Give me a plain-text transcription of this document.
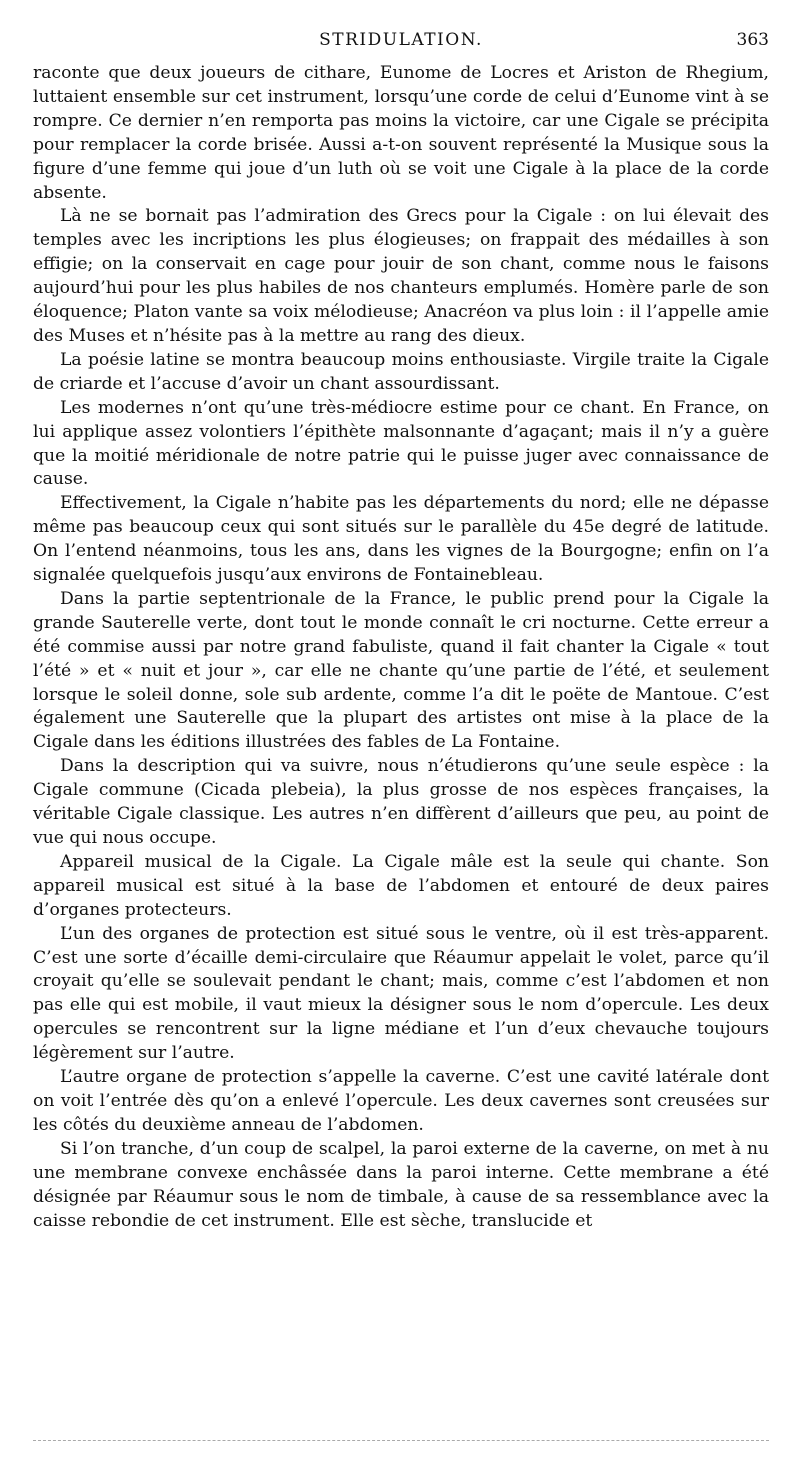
STRIDULATION.	363

raconte que deux joueurs de cithare, Eunome de Locres et Ariston de Rhegium, luttaient ensemble sur cet instrument, lorsqu’une corde de celui d’Eunome vint à se rompre. Ce dernier n’en remporta pas moins la victoire, car une Cigale se précipita pour remplacer la corde brisée. Aussi a-t-on souvent représenté la Musique sous la figure d’une femme qui joue d’un luth où se voit une Cigale à la place de la corde absente.

Là ne se bornait pas l’admiration des Grecs pour la Cigale : on lui élevait des temples avec les incriptions les plus élogieuses; on frappait des médailles à son effigie; on la conservait en cage pour jouir de son chant, comme nous le faisons aujourd’hui pour les plus habiles de nos chanteurs emplumés. Homère parle de son éloquence; Platon vante sa voix mélodieuse; Anacréon va plus loin : il l’appelle amie des Muses et n’hésite pas à la mettre au rang des dieux.

La poésie latine se montra beaucoup moins enthousiaste. Virgile traite la Cigale de criarde et l’accuse d’avoir un chant assourdissant.

Les modernes n’ont qu’une très-médiocre estime pour ce chant. En France, on lui applique assez volontiers l’épithète malsonnante d’agaçant; mais il n’y a guère que la moitié méridionale de notre patrie qui le puisse juger avec connaissance de cause.

Effectivement, la Cigale n’habite pas les départements du nord; elle ne dépasse même pas beaucoup ceux qui sont situés sur le parallèle du 45e degré de latitude. On l’entend néanmoins, tous les ans, dans les vignes de la Bourgogne; enfin on l’a signalée quelquefois jusqu’aux environs de Fontainebleau.

Dans la partie septentrionale de la France, le public prend pour la Cigale la grande Sauterelle verte, dont tout le monde connaît le cri nocturne. Cette erreur a été commise aussi par notre grand fabuliste, quand il fait chanter la Cigale « tout l’été » et « nuit et jour », car elle ne chante qu’une partie de l’été, et seulement lorsque le soleil donne, sole sub ardente, comme l’a dit le poëte de Mantoue. C’est également une Sauterelle que la plupart des artistes ont mise à la place de la Cigale dans les éditions illustrées des fables de La Fontaine.

Dans la description qui va suivre, nous n’étudierons qu’une seule espèce : la Cigale commune (Cicada plebeia), la plus grosse de nos espèces françaises, la véritable Cigale classique. Les autres n’en diffèrent d’ailleurs que peu, au point de vue qui nous occupe.

Appareil musical de la Cigale. La Cigale mâle est la seule qui chante. Son appareil musical est situé à la base de l’abdomen et entouré de deux paires d’organes protecteurs.

L’un des organes de protection est situé sous le ventre, où il est très-apparent. C’est une sorte d’écaille demi-circulaire que Réaumur appelait le volet, parce qu’il croyait qu’elle se soulevait pendant le chant; mais, comme c’est l’abdomen et non pas elle qui est mobile, il vaut mieux la désigner sous le nom d’opercule. Les deux opercules se rencontrent sur la ligne médiane et l’un d’eux chevauche toujours légèrement sur l’autre.

L’autre organe de protection s’appelle la caverne. C’est une cavité latérale dont on voit l’entrée dès qu’on a enlevé l’opercule. Les deux cavernes sont creusées sur les côtés du deuxième anneau de l’abdomen.

Si l’on tranche, d’un coup de scalpel, la paroi externe de la caverne, on met à nu une membrane convexe enchâssée dans la paroi interne. Cette membrane a été désignée par Réaumur sous le nom de timbale, à cause de sa ressemblance avec la caisse rebondie de cet instrument. Elle est sèche, translucide et
